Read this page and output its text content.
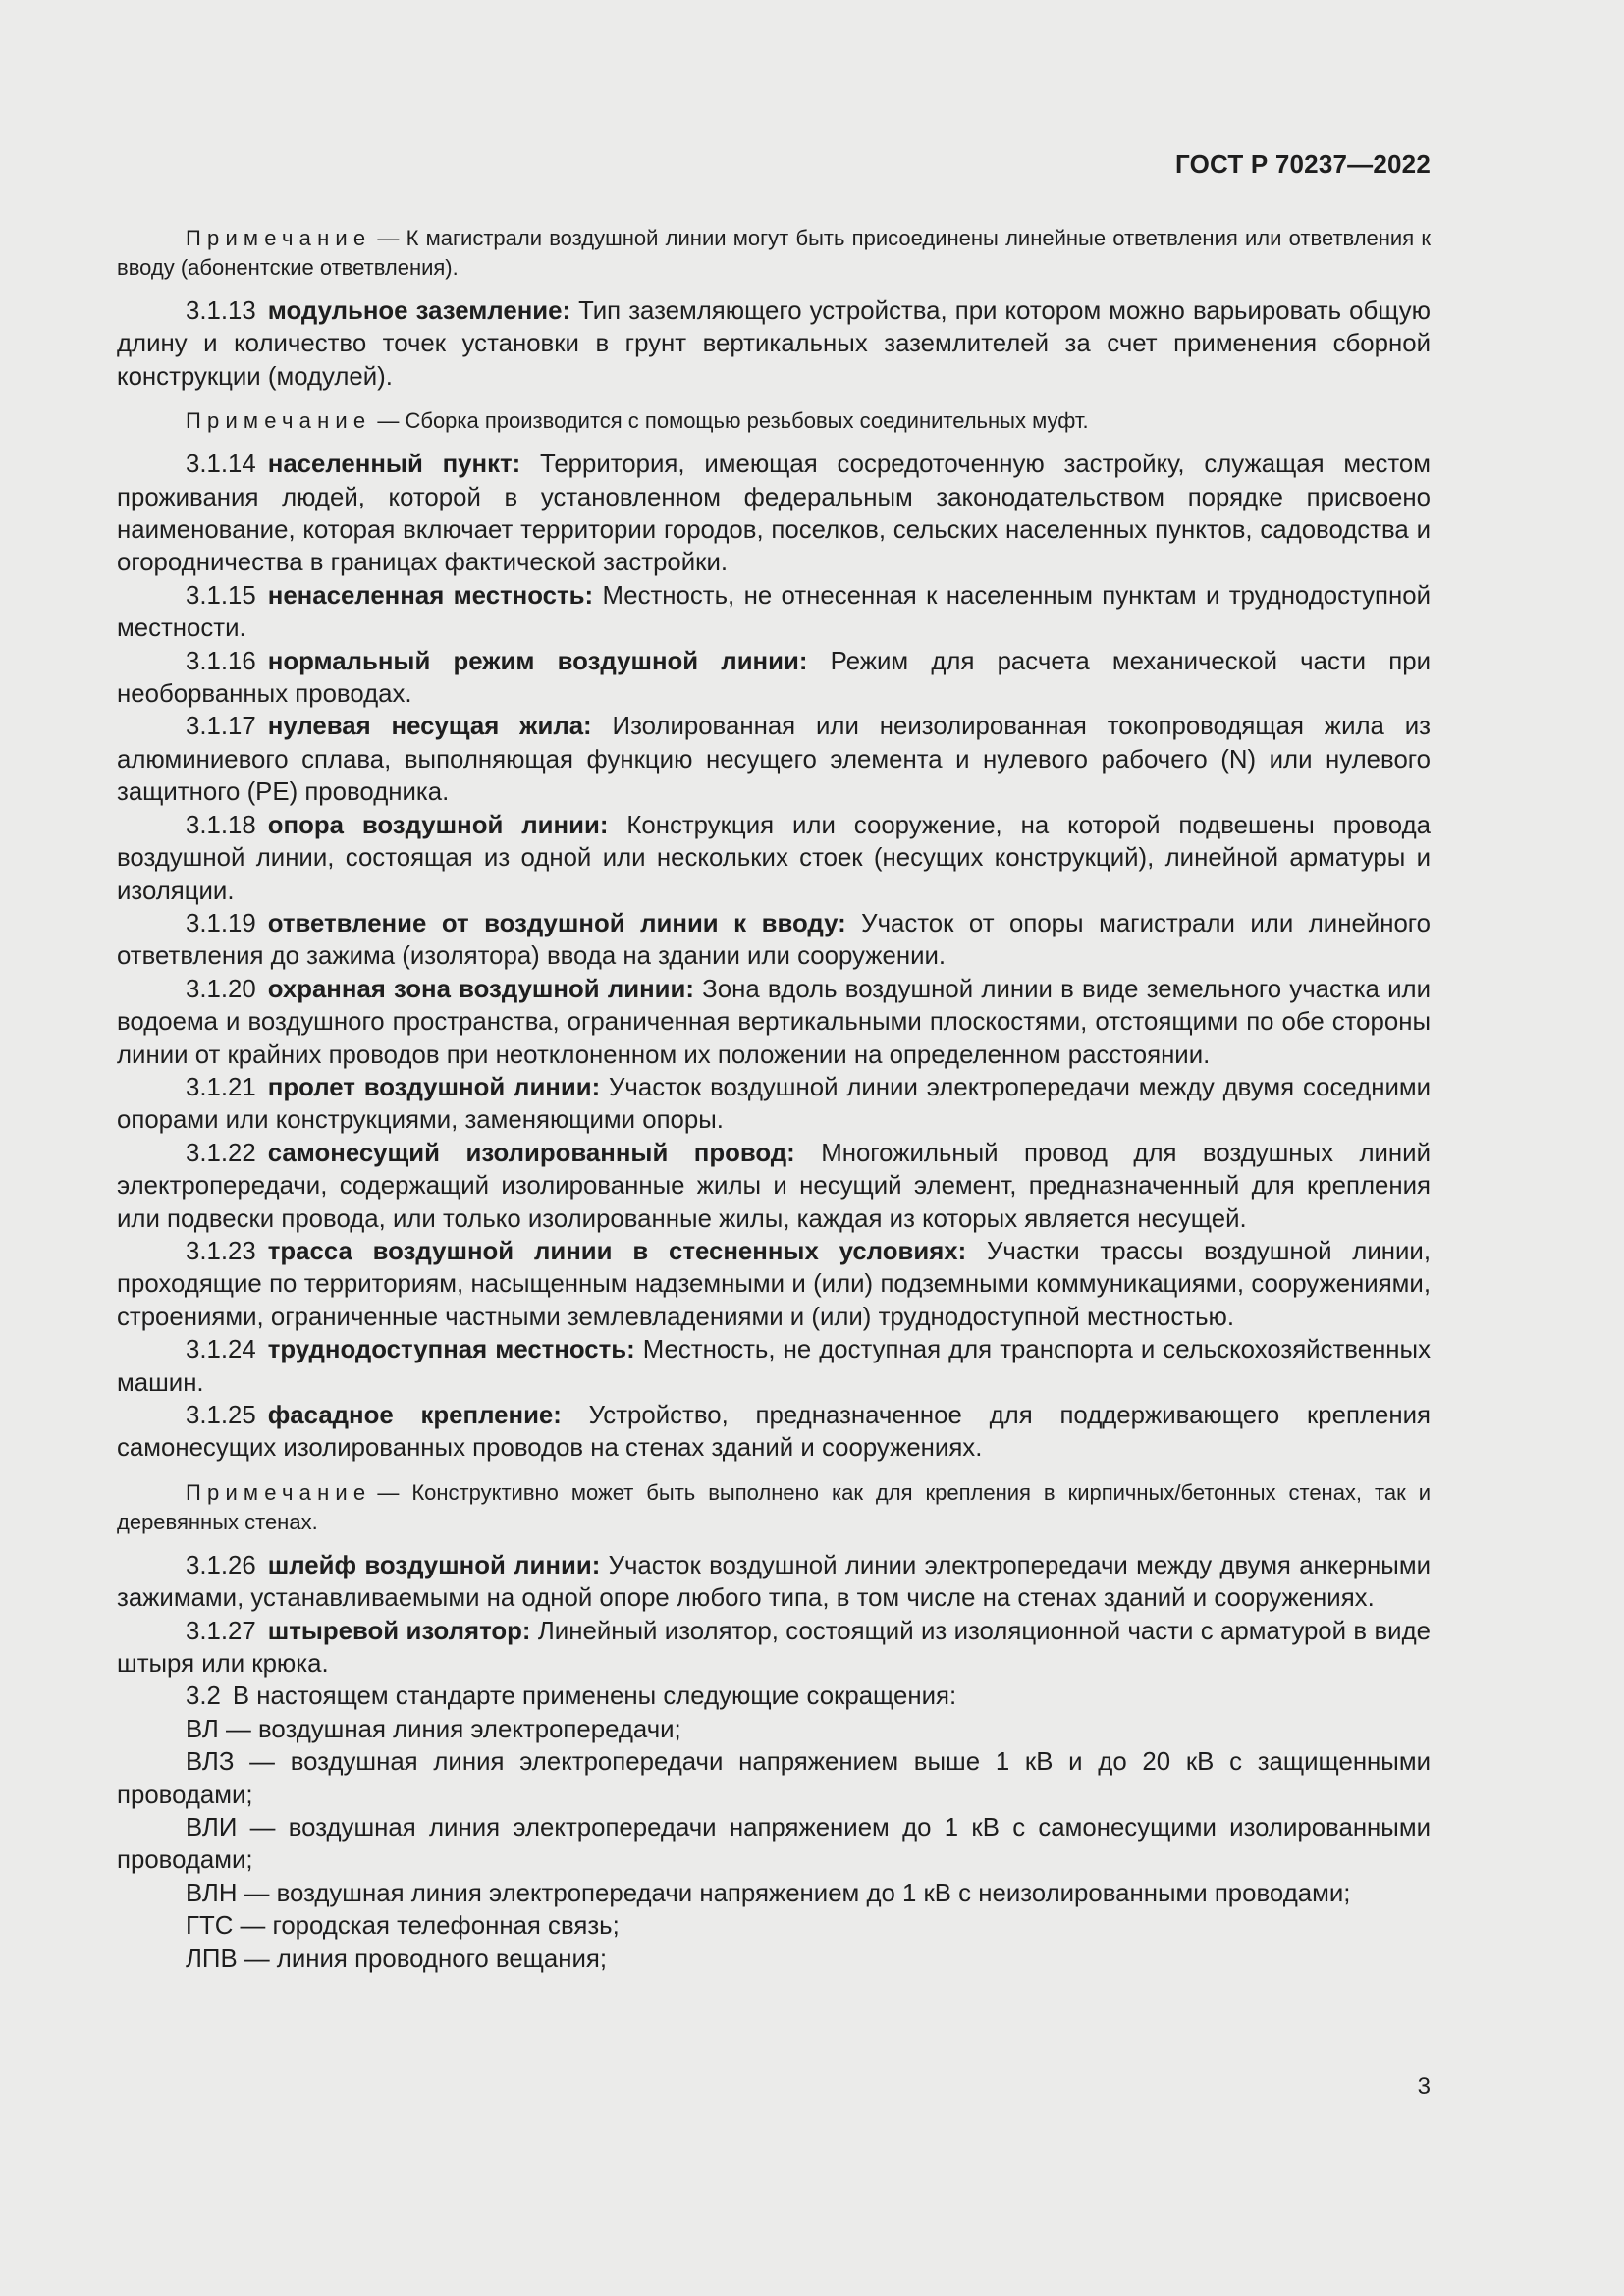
ГОСТ Р 70237—2022

Примечание — К магистрали воздушной линии могут быть присоединены линейные ответвления или ответвления к вводу (абонентские ответвления).

3.1.13 модульное заземление: Тип заземляющего устройства, при котором можно варьировать общую длину и количество точек установки в грунт вертикальных заземлителей за счет применения сборной конструкции (модулей).

Примечание — Сборка производится с помощью резьбовых соединительных муфт.

3.1.14 населенный пункт: Территория, имеющая сосредоточенную застройку, служащая местом проживания людей, которой в установленном федеральным законодательством порядке присвоено наименование, которая включает территории городов, поселков, сельских населенных пунктов, садоводства и огородничества в границах фактической застройки.

3.1.15 ненаселенная местность: Местность, не отнесенная к населенным пунктам и труднодоступной местности.

3.1.16 нормальный режим воздушной линии: Режим для расчета механической части при необорванных проводах.

3.1.17 нулевая несущая жила: Изолированная или неизолированная токопроводящая жила из алюминиевого сплава, выполняющая функцию несущего элемента и нулевого рабочего (N) или нулевого защитного (PE) проводника.

3.1.18 опора воздушной линии: Конструкция или сооружение, на которой подвешены провода воздушной линии, состоящая из одной или нескольких стоек (несущих конструкций), линейной арматуры и изоляции.

3.1.19 ответвление от воздушной линии к вводу: Участок от опоры магистрали или линейного ответвления до зажима (изолятора) ввода на здании или сооружении.

3.1.20 охранная зона воздушной линии: Зона вдоль воздушной линии в виде земельного участка или водоема и воздушного пространства, ограниченная вертикальными плоскостями, отстоящими по обе стороны линии от крайних проводов при неотклоненном их положении на определенном расстоянии.

3.1.21 пролет воздушной линии: Участок воздушной линии электропередачи между двумя соседними опорами или конструкциями, заменяющими опоры.

3.1.22 самонесущий изолированный провод: Многожильный провод для воздушных линий электропередачи, содержащий изолированные жилы и несущий элемент, предназначенный для крепления или подвески провода, или только изолированные жилы, каждая из которых является несущей.

3.1.23 трасса воздушной линии в стесненных условиях: Участки трассы воздушной линии, проходящие по территориям, насыщенным надземными и (или) подземными коммуникациями, сооружениями, строениями, ограниченные частными землевладениями и (или) труднодоступной местностью.

3.1.24 труднодоступная местность: Местность, не доступная для транспорта и сельскохозяйственных машин.

3.1.25 фасадное крепление: Устройство, предназначенное для поддерживающего крепления самонесущих изолированных проводов на стенах зданий и сооружениях.

Примечание — Конструктивно может быть выполнено как для крепления в кирпичных/бетонных стенах, так и деревянных стенах.

3.1.26 шлейф воздушной линии: Участок воздушной линии электропередачи между двумя анкерными зажимами, устанавливаемыми на одной опоре любого типа, в том числе на стенах зданий и сооружениях.

3.1.27 штыревой изолятор: Линейный изолятор, состоящий из изоляционной части с арматурой в виде штыря или крюка.

3.2 В настоящем стандарте применены следующие сокращения:

ВЛ — воздушная линия электропередачи;

ВЛЗ — воздушная линия электропередачи напряжением выше 1 кВ и до 20 кВ с защищенными проводами;

ВЛИ — воздушная линия электропередачи напряжением до 1 кВ с самонесущими изолированными проводами;

ВЛН — воздушная линия электропередачи напряжением до 1 кВ с неизолированными проводами;

ГТС — городская телефонная связь;

ЛПВ — линия проводного вещания;

3
